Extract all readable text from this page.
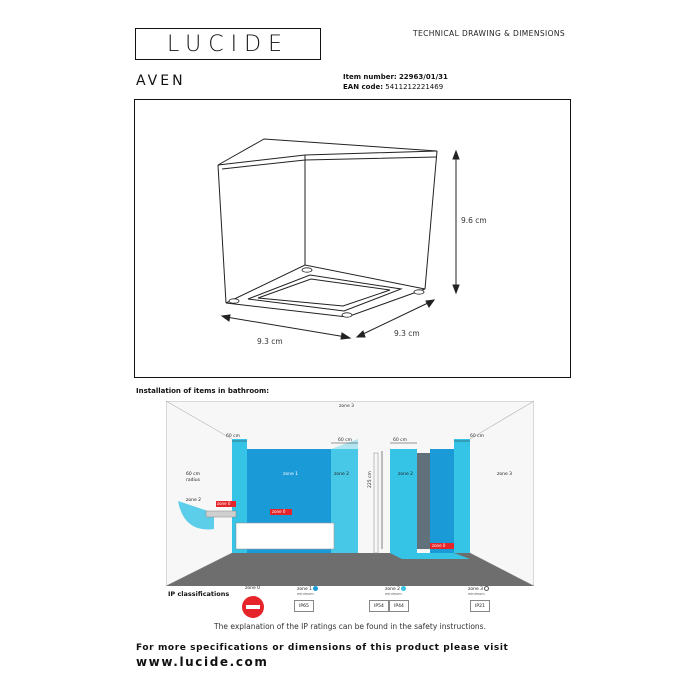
LUCIDE	TECHNICAL DRAWING & DIMENSIONS
AVEN	Item number: 22963/01/31
EAN code: 5411212221469
9.6 cm
9.3 cm
9.3 cm
Installation of items in bathroom:
zone 3
60 cm
60 cm	60 cm
60 cm
zone 1	zone 2	zone 2	zone 3
60 cm
radius
zone 2
zone 0
zone 0
zone 0
225 cm
IP classifications
zone 0	zone 1
minimum
IP65
zone 2
minimum
IP54	IP44
zone 3
minimum
IP21
The explanation of the IP ratings can be found in the safety instructions.
For more specifications or dimensions of this product please visit
www.lucide.com
